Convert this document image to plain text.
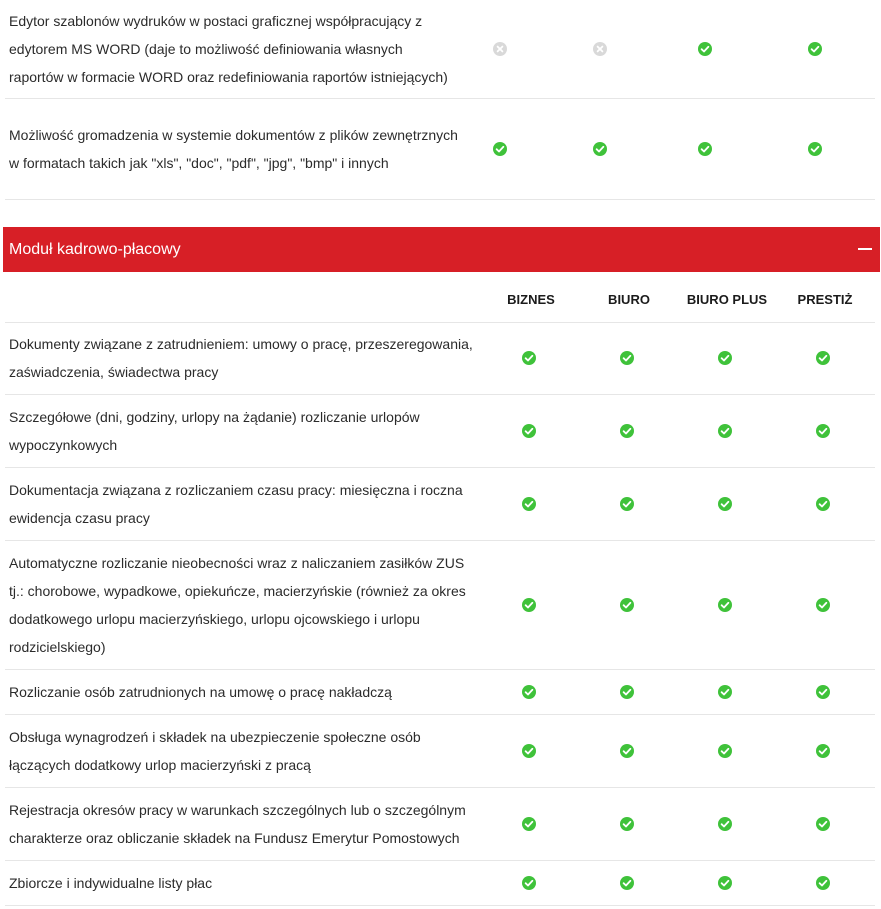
Edytor szablonów wydruków w postaci graficznej współpracujący z edytorem MS WORD (daje to możliwość definiowania własnych raportów w formacie WORD oraz redefiniowania raportów istniejących)
Możliwość gromadzenia w systemie dokumentów z plików zewnętrznych w formatach takich jak "xls", "doc", "pdf", "jpg", "bmp" i innych
Moduł kadrowo-płacowy
BIZNES	BIURO	BIURO PLUS PRESTIŻ
Dokumenty związane z zatrudnieniem: umowy o pracę, przeszeregowania, zaświadczenia, świadectwa pracy
Szczegółowe (dni, godziny, urlopy na żądanie) rozliczanie urlopów wypoczynkowych
Dokumentacja związana z rozliczaniem czasu pracy: miesięczna i roczna ewidencja czasu pracy
Automatyczne rozliczanie nieobecności wraz z naliczaniem zasiłków ZUS tj.: chorobowe, wypadkowe, opiekuńcze, macierzyńskie (również za okres dodatkowego urlopu macierzyńskiego, urlopu ojcowskiego i urlopu rodzicielskiego)
Rozliczanie osób zatrudnionych na umowę o pracę nakładczą
Obsługa wynagrodzeń i składek na ubezpieczenie społeczne osób łączących dodatkowy urlop macierzyński z pracą
Rejestracja okresów pracy w warunkach szczególnych lub o szczególnym charakterze oraz obliczanie składek na Fundusz Emerytur Pomostowych
Zbiorcze i indywidualne listy płac
